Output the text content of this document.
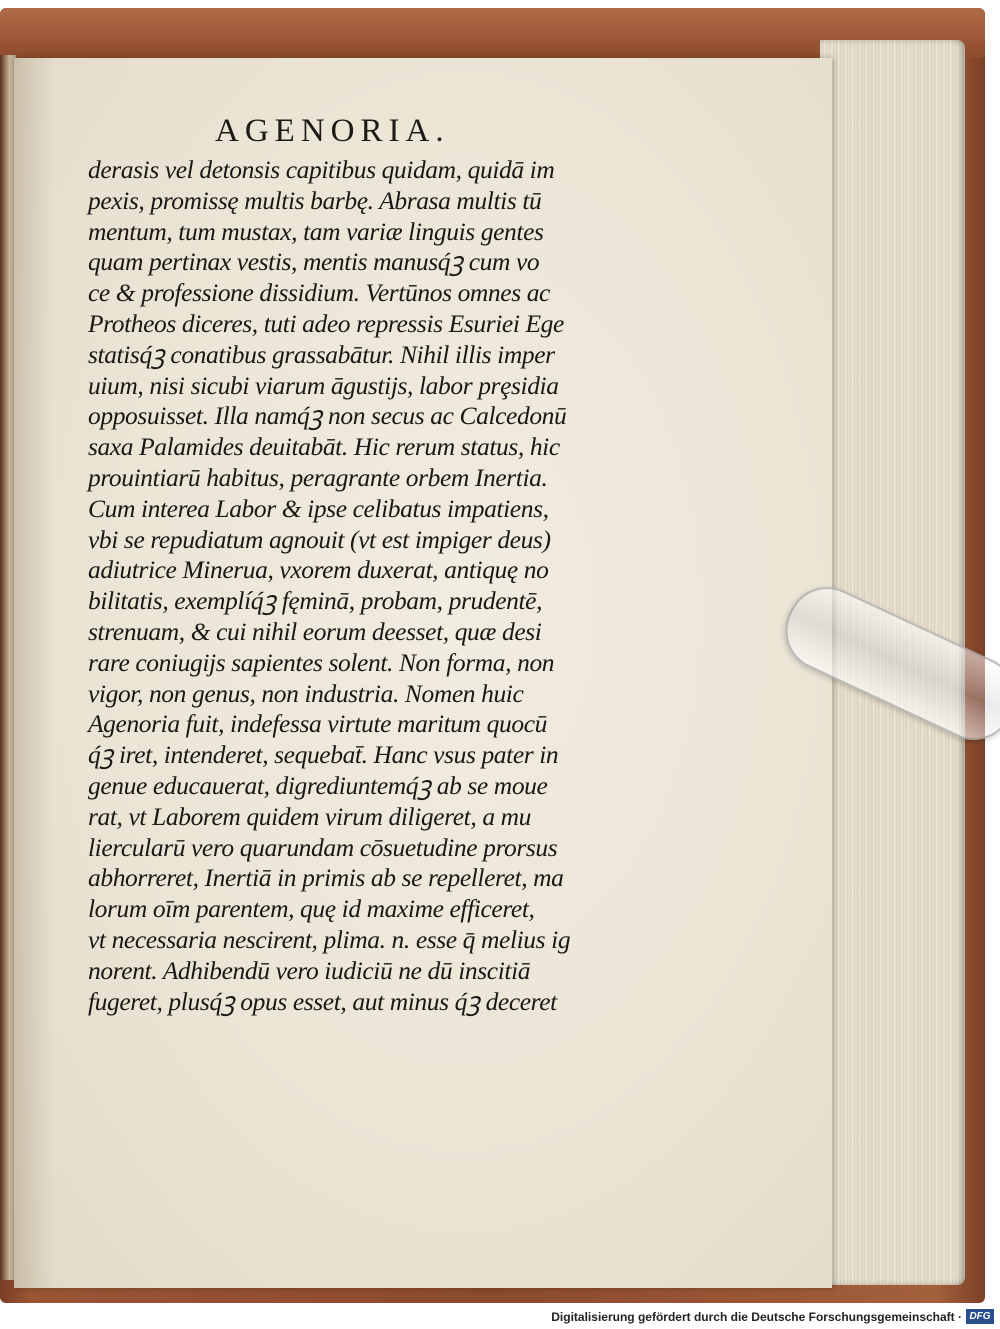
AGENORIA.
derasis vel detonsis capitibus quidam, quidā im
pexis, promissę multis barbę. Abrasa multis tū
mentum, tum mustax, tam variæ linguis gentes
quam pertinax vestis, mentis manusq́ꝫ cum vo
ce & professione dissidium. Vertūnos omnes ac
Protheos diceres, tuti adeo repressis Esuriei Ege
statisq́ꝫ conatibus grassabātur. Nihil illis imper
uium, nisi sicubi viarum āgustijs, labor prȩsidia
opposuisset. Illa namq́ꝫ non secus ac Calcedonū
saxa Palamides deuitabāt. Hic rerum status, hic
prouintiarū habitus, peragrante orbem Inertia.
Cum interea Labor & ipse celibatus impatiens,
vbi se repudiatum agnouit (vt est impiger deus)
adiutrice Minerua, vxorem duxerat, antiquę no
bilitatis, exemplíq́ꝫ fęminā, probam, prudentē,
strenuam, & cui nihil eorum deesset, quæ desi
rare coniugijs sapientes solent. Non forma, non
vigor, non genus, non industria. Nomen huic
Agenoria fuit, indefessa virtute maritum quocū
q́ꝫ iret, intenderet, sequebat̄. Hanc vsus pater in
genue educauerat, digrediuntemq́ꝫ ab se moue
rat, vt Laborem quidem virum diligeret, a mu
liercularū vero quarundam cōsuetudine prorsus
abhorreret, Inertiā in primis ab se repelleret, ma
lorum oīm parentem, quę id maxime efficeret,
vt necessaria nescirent, plima. n. esse q̄ melius ig
norent. Adhibendū vero iudiciū ne dū inscitiā
fugeret, plusq́ꝫ opus esset, aut minus q́ꝫ deceret
Digitalisierung gefördert durch die Deutsche Forschungsgemeinschaft · DFG
